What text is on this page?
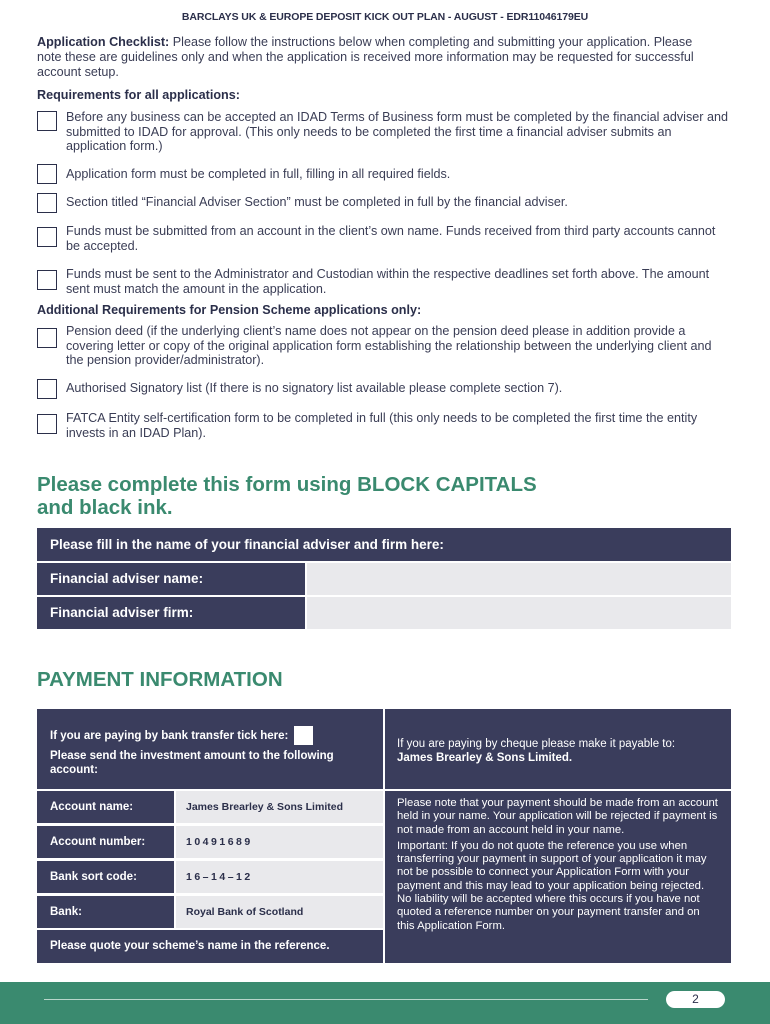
BARCLAYS UK & EUROPE DEPOSIT KICK OUT PLAN - AUGUST - EDR11046179EU
Application Checklist: Please follow the instructions below when completing and submitting your application. Please note these are guidelines only and when the application is received more information may be requested for successful account setup.
Requirements for all applications:
Before any business can be accepted an IDAD Terms of Business form must be completed by the financial adviser and submitted to IDAD for approval. (This only needs to be completed the first time a financial adviser submits an application form.)
Application form must be completed in full, filling in all required fields.
Section titled “Financial Adviser Section” must be completed in full by the financial adviser.
Funds must be submitted from an account in the client’s own name. Funds received from third party accounts cannot be accepted.
Funds must be sent to the Administrator and Custodian within the respective deadlines set forth above. The amount sent must match the amount in the application.
Additional Requirements for Pension Scheme applications only:
Pension deed (if the underlying client’s name does not appear on the pension deed please in addition provide a covering letter or copy of the original application form establishing the relationship between the underlying client and the pension provider/administrator).
Authorised Signatory list (If there is no signatory list available please complete section 7).
FATCA Entity self-certification form to be completed in full (this only needs to be completed the first time the entity invests in an IDAD Plan).
Please complete this form using BLOCK CAPITALS
and black ink.
Please fill in the name of your financial adviser and firm here:
Financial adviser name:
Financial adviser firm:
PAYMENT INFORMATION
If you are paying by bank transfer tick here:
Please send the investment amount to the following account:
If you are paying by cheque please make it payable to:
James Brearley & Sons Limited.
Account name:	James Brearley & Sons Limited
Account number:	10491689
Bank sort code:	16–14–12
Bank:	Royal Bank of Scotland
Please quote your scheme’s name in the reference.

Please note that your payment should be made from an account held in your name. Your application will be rejected if payment is not made from an account held in your name.

Important: If you do not quote the reference you use when transferring your payment in support of your application it may not be possible to connect your Application Form with your payment and this may lead to your application being rejected. No liability will be accepted where this occurs if you have not quoted a reference number on your payment transfer and on this Application Form.

2
